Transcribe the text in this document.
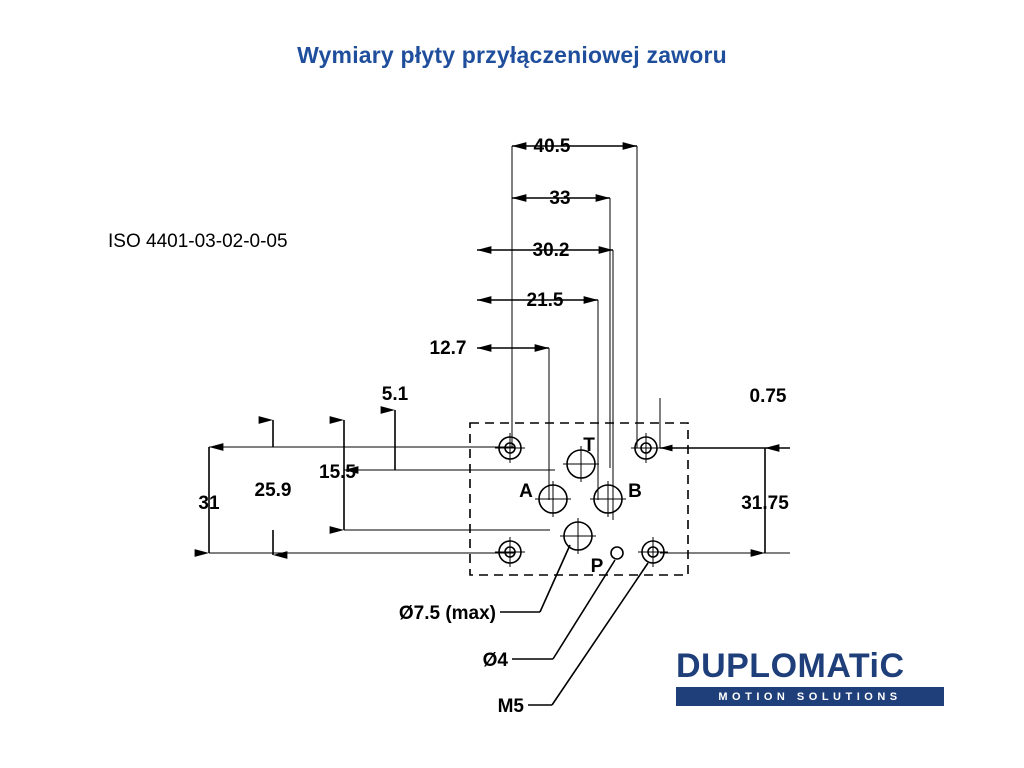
Wymiary płyty przyłączeniowej zaworu
ISO 4401-03-02-0-05
40.5
33
30.2
21.5
12.7
5.1	0.75
31
25.9
15.5
31.75
T
A	B
P
Ø7.5 (max)
Ø4
M5
DUPLOMATiC
MOTION SOLUTIONS
